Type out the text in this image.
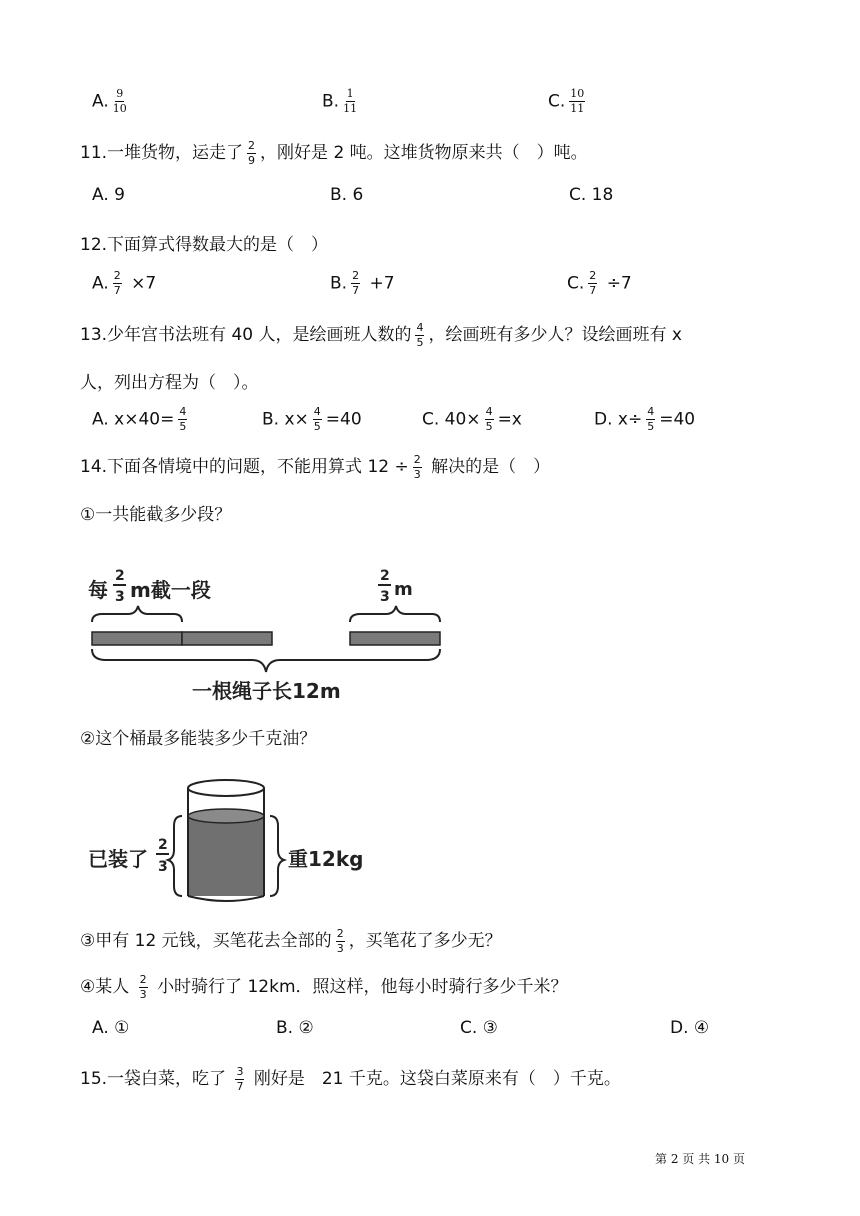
A. $\frac{9}{10}$	B. $\frac{1}{11}$	C. $\frac{10}{11}$
11.一堆货物，运走了 $\frac{2}{9}$ ，刚好是 2 吨。这堆货物原来共（　）吨。
A. 9	B. 6	C. 18
12.下面算式得数最大的是（　）
A. $\frac{2}{7} \times 7$	B. $\frac{2}{7} +7$	C. $\frac{2}{7} \div 7$
13.少年宫书法班有 40 人，是绘画班人数的 $\frac{4}{5}$ ，绘画班有多少人？设绘画班有 x
人，列出方程为（　）。
A. $x\times 40= \frac{4}{5}$	B. $x\times \frac{4}{5} =40$	C. $40\times \frac{4}{5} =x$	D. $x\div \frac{4}{5} =40$
14.下面各情境中的问题，不能用算式 $12 \div \frac{2}{3}$ 解决的是（　）
①一共能截多少段？
每
2
3 m截一段
2
3 m
一根绳子长12m
②这个桶最多能装多少千克油？
已装了
2
3	重12kg
③甲有 12 元钱，买笔花去全部的 $\frac{2}{3}$ ，买笔花了多少无？
④某人 $\frac{2}{3}$ 小时骑行了 12km．照这样，他每小时骑行多少千米？
A. ①	B. ②	C. ③	D. ④
15.一袋白菜，吃了 $\frac{3}{7}$ 刚好是　21 千克。这袋白菜原来有（　）千克。
第 2 页 共 10 页
